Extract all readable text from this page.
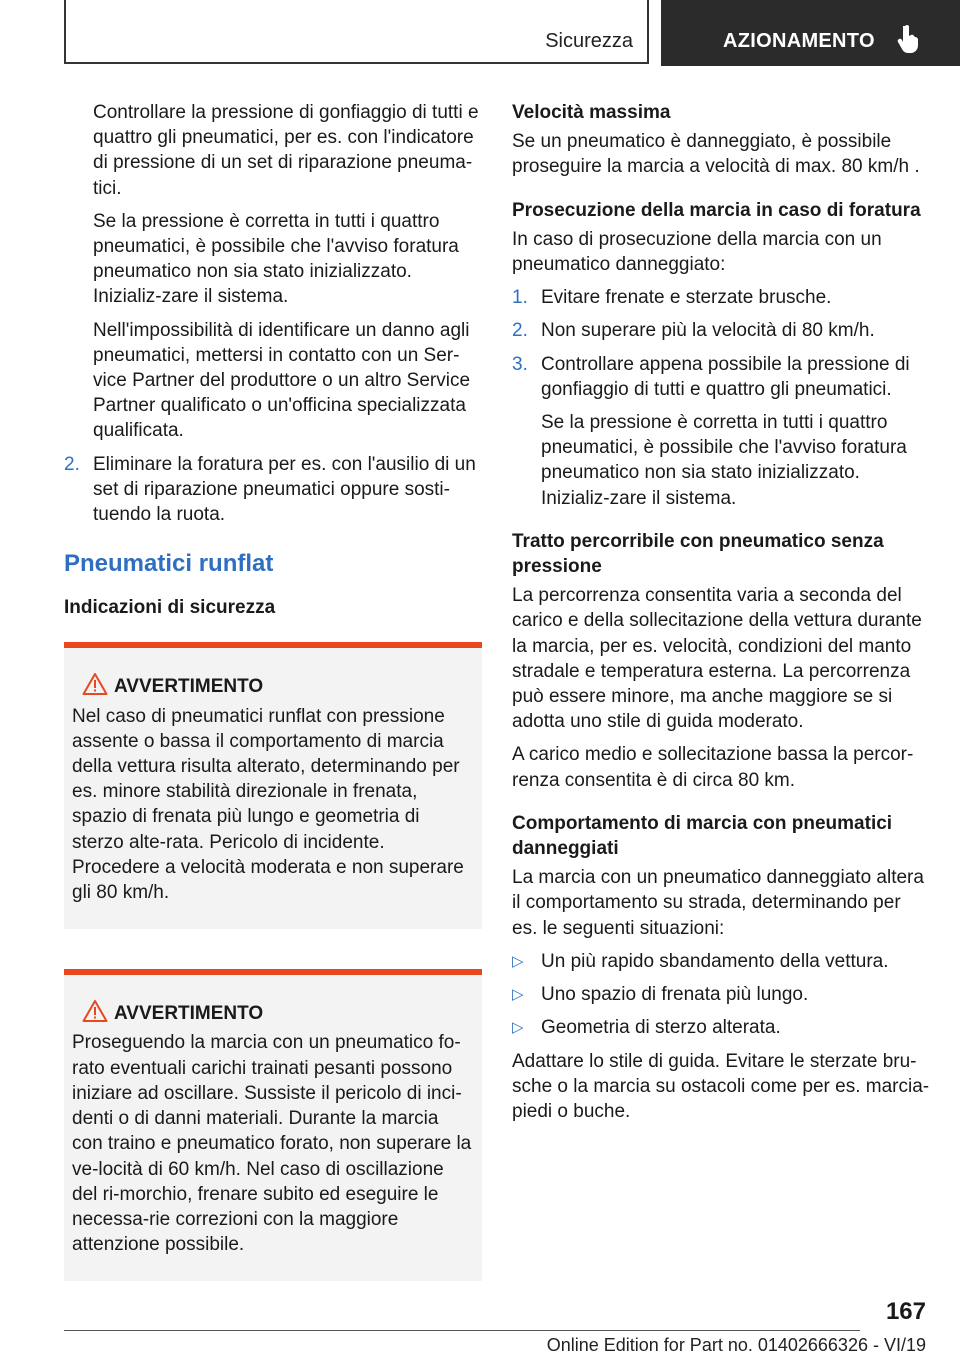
Sicurezza	AZIONAMENTO

Controllare la pressione di gonfiaggio di tutti e quattro gli pneumatici, per es. con l'indicatore di pressione di un set di riparazione pneuma-tici.

Se la pressione è corretta in tutti i quattro pneumatici, è possibile che l'avviso foratura pneumatico non sia stato inizializzato. Inizializ-zare il sistema.

Nell'impossibilità di identificare un danno agli pneumatici, mettersi in contatto con un Ser-vice Partner del produttore o un altro Service Partner qualificato o un'officina specializzata qualificata.

2. Eliminare la foratura per es. con l'ausilio di un set di riparazione pneumatici oppure sosti-tuendo la ruota.
Pneumatici runflat
Indicazioni di sicurezza
AVVERTIMENTO

Nel caso di pneumatici runflat con pressione assente o bassa il comportamento di marcia della vettura risulta alterato, determinando per es. minore stabilità direzionale in frenata, spazio di frenata più lungo e geometria di sterzo alte-rata. Pericolo di incidente. Procedere a velocità moderata e non superare gli 80 km/h.

AVVERTIMENTO

Proseguendo la marcia con un pneumatico fo-rato eventuali carichi trainati pesanti possono iniziare ad oscillare. Sussiste il pericolo di inci-denti o di danni materiali. Durante la marcia con traino e pneumatico forato, non superare la ve-locità di 60 km/h. Nel caso di oscillazione del ri-morchio, frenare subito ed eseguire le necessa-rie correzioni con la maggiore attenzione possibile.

Velocità massima

Se un pneumatico è danneggiato, è possibile proseguire la marcia a velocità di max. 80 km/h .

Prosecuzione della marcia in caso di foratura

In caso di prosecuzione della marcia con un pneumatico danneggiato:

1. Evitare frenate e sterzate brusche.
2. Non superare più la velocità di 80 km/h.
3. Controllare appena possibile la pressione di gonfiaggio di tutti e quattro gli pneumatici.

Se la pressione è corretta in tutti i quattro pneumatici, è possibile che l'avviso foratura pneumatico non sia stato inizializzato. Inizializ-zare il sistema.

Tratto percorribile con pneumatico senza pressione

La percorrenza consentita varia a seconda del carico e della sollecitazione della vettura durante la marcia, per es. velocità, condizioni del manto stradale e temperatura esterna. La percorrenza può essere minore, ma anche maggiore se si adotta uno stile di guida moderato.

A carico medio e sollecitazione bassa la percor-renza consentita è di circa 80 km.

Comportamento di marcia con pneumatici danneggiati

La marcia con un pneumatico danneggiato altera il comportamento su strada, determinando per es. le seguenti situazioni:

▷ Un più rapido sbandamento della vettura.
▷ Uno spazio di frenata più lungo.
▷ Geometria di sterzo alterata.

Adattare lo stile di guida. Evitare le sterzate bru-sche o la marcia su ostacoli come per es. marcia-piedi o buche.

167
Online Edition for Part no. 01402666326 - VI/19
